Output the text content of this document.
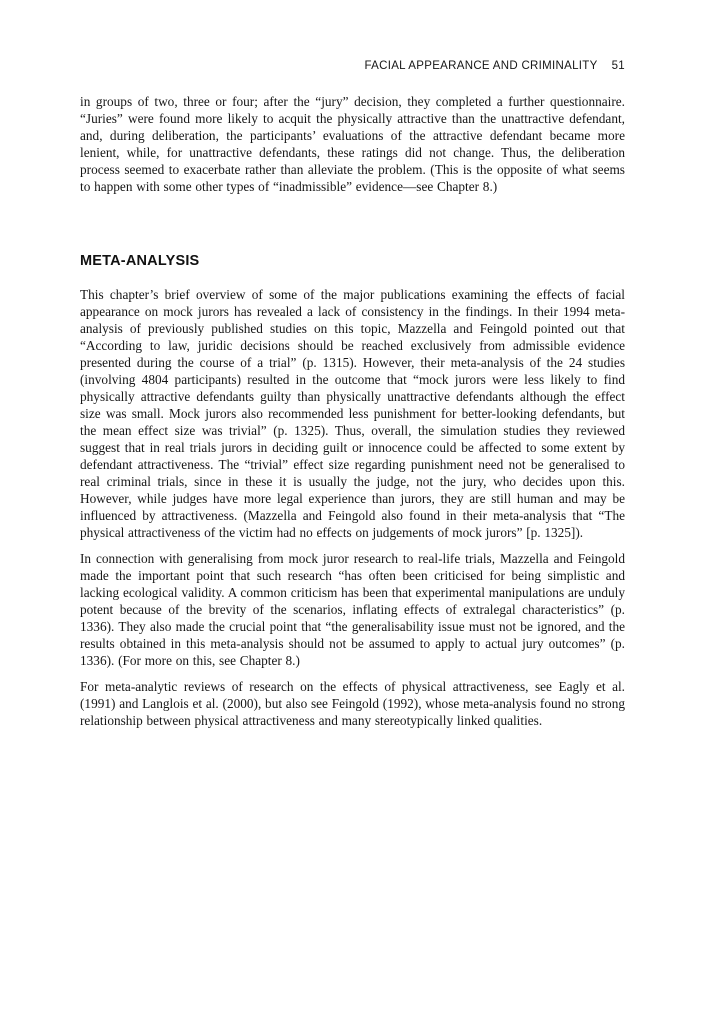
FACIAL APPEARANCE AND CRIMINALITY 51

in groups of two, three or four; after the “jury” decision, they completed a further questionnaire. “Juries” were found more likely to acquit the physically attractive than the unattractive defendant, and, during deliberation, the participants’ evaluations of the attractive defendant became more lenient, while, for unattractive defendants, these ratings did not change. Thus, the deliberation process seemed to exacerbate rather than alleviate the problem. (This is the opposite of what seems to happen with some other types of “inadmissible” evidence—see Chapter 8.)

META-ANALYSIS

This chapter’s brief overview of some of the major publications examining the effects of facial appearance on mock jurors has revealed a lack of consistency in the findings. In their 1994 meta-analysis of previously published studies on this topic, Mazzella and Feingold pointed out that “According to law, juridic decisions should be reached exclusively from admissible evidence presented during the course of a trial” (p. 1315). However, their meta-analysis of the 24 studies (involving 4804 participants) resulted in the outcome that “mock jurors were less likely to find physically attractive defendants guilty than physically unattractive defendants although the effect size was small. Mock jurors also recommended less punishment for better-looking defendants, but the mean effect size was trivial” (p. 1325). Thus, overall, the simulation studies they reviewed suggest that in real trials jurors in deciding guilt or innocence could be affected to some extent by defendant attractiveness. The “trivial” effect size regarding punishment need not be generalised to real criminal trials, since in these it is usually the judge, not the jury, who decides upon this. However, while judges have more legal experience than jurors, they are still human and may be influenced by attractiveness. (Mazzella and Feingold also found in their meta-analysis that “The physical attractiveness of the victim had no effects on judgements of mock jurors” [p. 1325]).

In connection with generalising from mock juror research to real-life trials, Mazzella and Feingold made the important point that such research “has often been criticised for being simplistic and lacking ecological validity. A common criticism has been that experimental manipulations are unduly potent because of the brevity of the scenarios, inflating effects of extralegal characteristics” (p. 1336). They also made the crucial point that “the generalisability issue must not be ignored, and the results obtained in this meta-analysis should not be assumed to apply to actual jury outcomes” (p. 1336). (For more on this, see Chapter 8.)

For meta-analytic reviews of research on the effects of physical attractiveness, see Eagly et al. (1991) and Langlois et al. (2000), but also see Feingold (1992), whose meta-analysis found no strong relationship between physical attractiveness and many stereotypically linked qualities.
